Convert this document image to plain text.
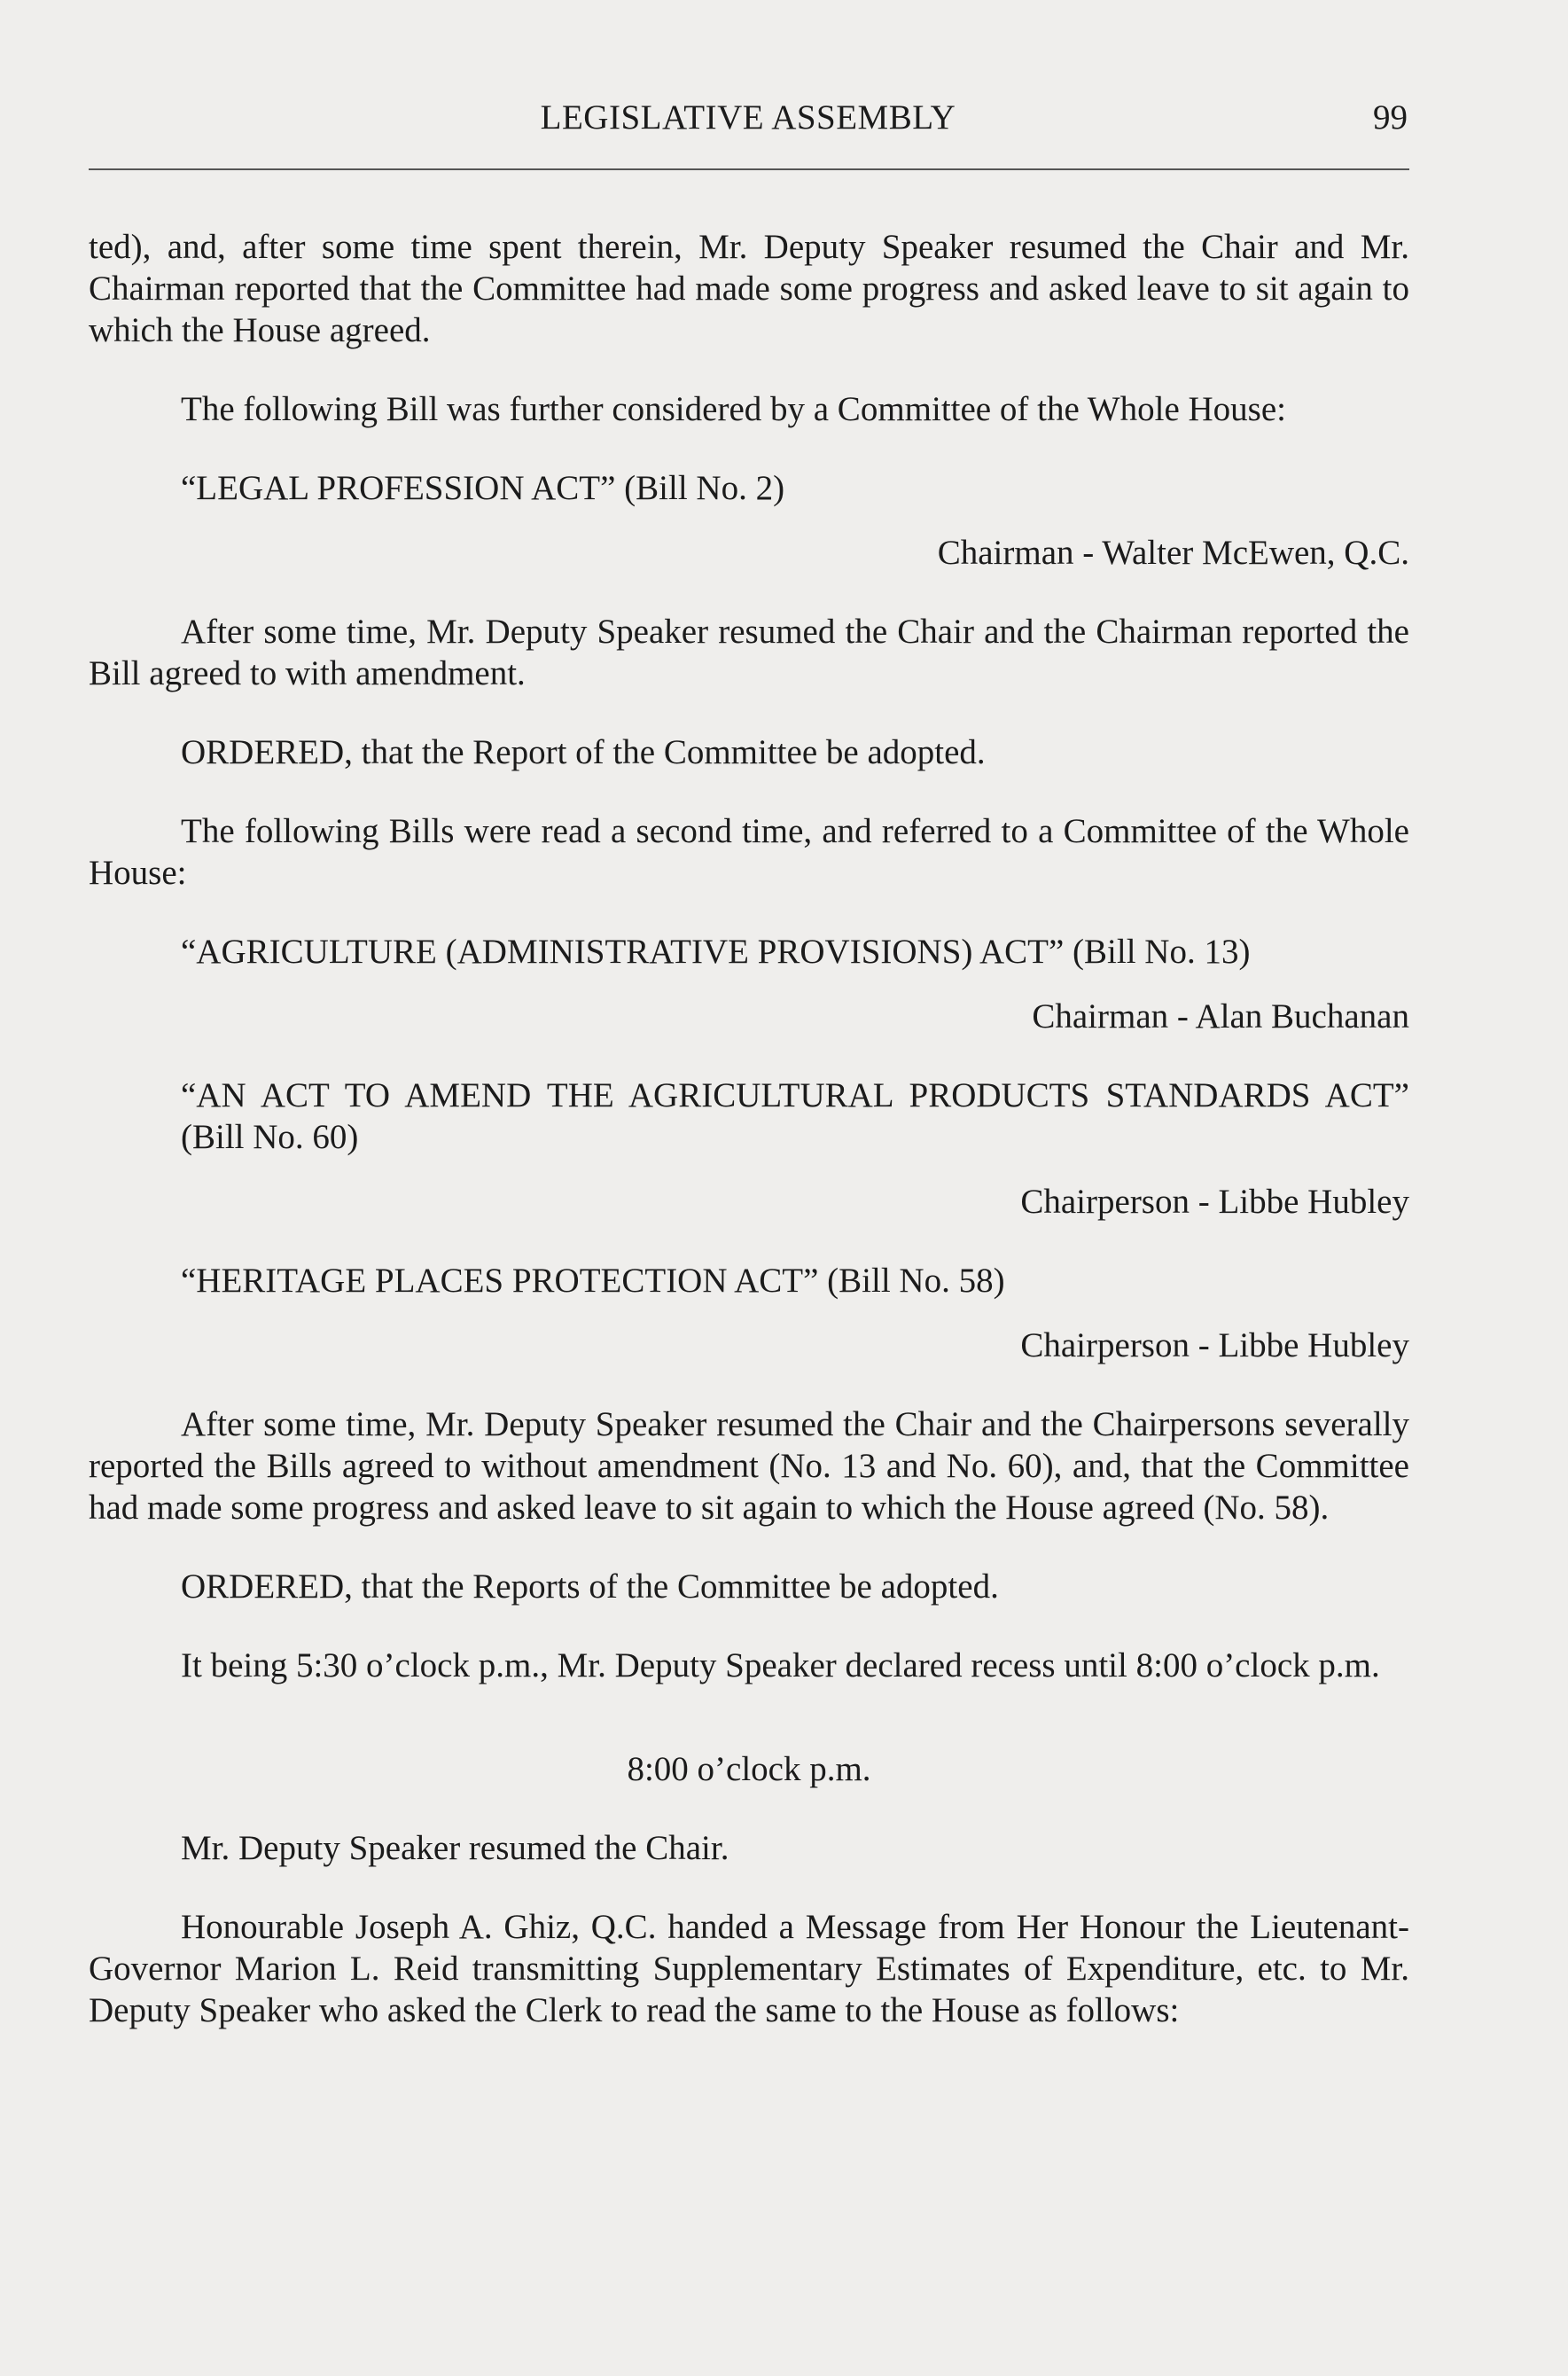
LEGISLATIVE ASSEMBLY	99

ted), and, after some time spent therein, Mr. Deputy Speaker resumed the Chair and Mr. Chairman reported that the Committee had made some progress and asked leave to sit again to which the House agreed.

The following Bill was further considered by a Committee of the Whole House:

“LEGAL PROFESSION ACT” (Bill No. 2)

Chairman - Walter McEwen, Q.C.

After some time, Mr. Deputy Speaker resumed the Chair and the Chairman reported the Bill agreed to with amendment.

ORDERED, that the Report of the Committee be adopted.

The following Bills were read a second time, and referred to a Committee of the Whole House:

“AGRICULTURE (ADMINISTRATIVE PROVISIONS) ACT” (Bill No. 13)

Chairman - Alan Buchanan

“AN ACT TO AMEND THE AGRICULTURAL PRODUCTS STANDARDS ACT” (Bill No. 60)

Chairperson - Libbe Hubley

“HERITAGE PLACES PROTECTION ACT” (Bill No. 58)

Chairperson - Libbe Hubley

After some time, Mr. Deputy Speaker resumed the Chair and the Chairpersons severally reported the Bills agreed to without amendment (No. 13 and No. 60), and, that the Committee had made some progress and asked leave to sit again to which the House agreed (No. 58).

ORDERED, that the Reports of the Committee be adopted.

It being 5:30 o’clock p.m., Mr. Deputy Speaker declared recess until 8:00 o’clock p.m.

8:00 o’clock p.m.

Mr. Deputy Speaker resumed the Chair.

Honourable Joseph A. Ghiz, Q.C. handed a Message from Her Honour the Lieutenant-Governor Marion L. Reid transmitting Supplementary Estimates of Expenditure, etc. to Mr. Deputy Speaker who asked the Clerk to read the same to the House as follows:
